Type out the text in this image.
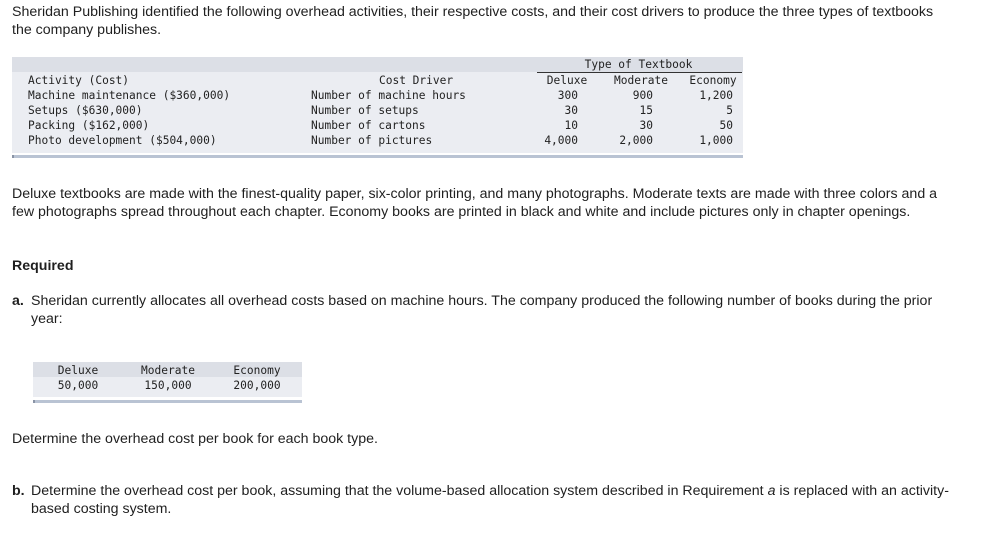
Sheridan Publishing identified the following overhead activities, their respective costs, and their cost drivers to produce the three types of textbooks the company publishes.

Type of Textbook
Activity (Cost)	Cost Driver	Deluxe	Moderate	Economy
Machine maintenance ($360,000)	Number of machine hours	300	900	1,200
Setups ($630,000)	Number of setups	30	15	5
Packing ($162,000)	Number of cartons	10	30	50
Photo development ($504,000)	Number of pictures	4,000	2,000	1,000

Deluxe textbooks are made with the finest-quality paper, six-color printing, and many photographs. Moderate texts are made with three colors and a few photographs spread throughout each chapter. Economy books are printed in black and white and include pictures only in chapter openings.

Required

a. Sheridan currently allocates all overhead costs based on machine hours. The company produced the following number of books during the prior year:
Deluxe	Moderate	Economy
50,000	150,000	200,000

Determine the overhead cost per book for each book type.

b. Determine the overhead cost per book, assuming that the volume-based allocation system described in Requirement a is replaced with an activity-based costing system.
